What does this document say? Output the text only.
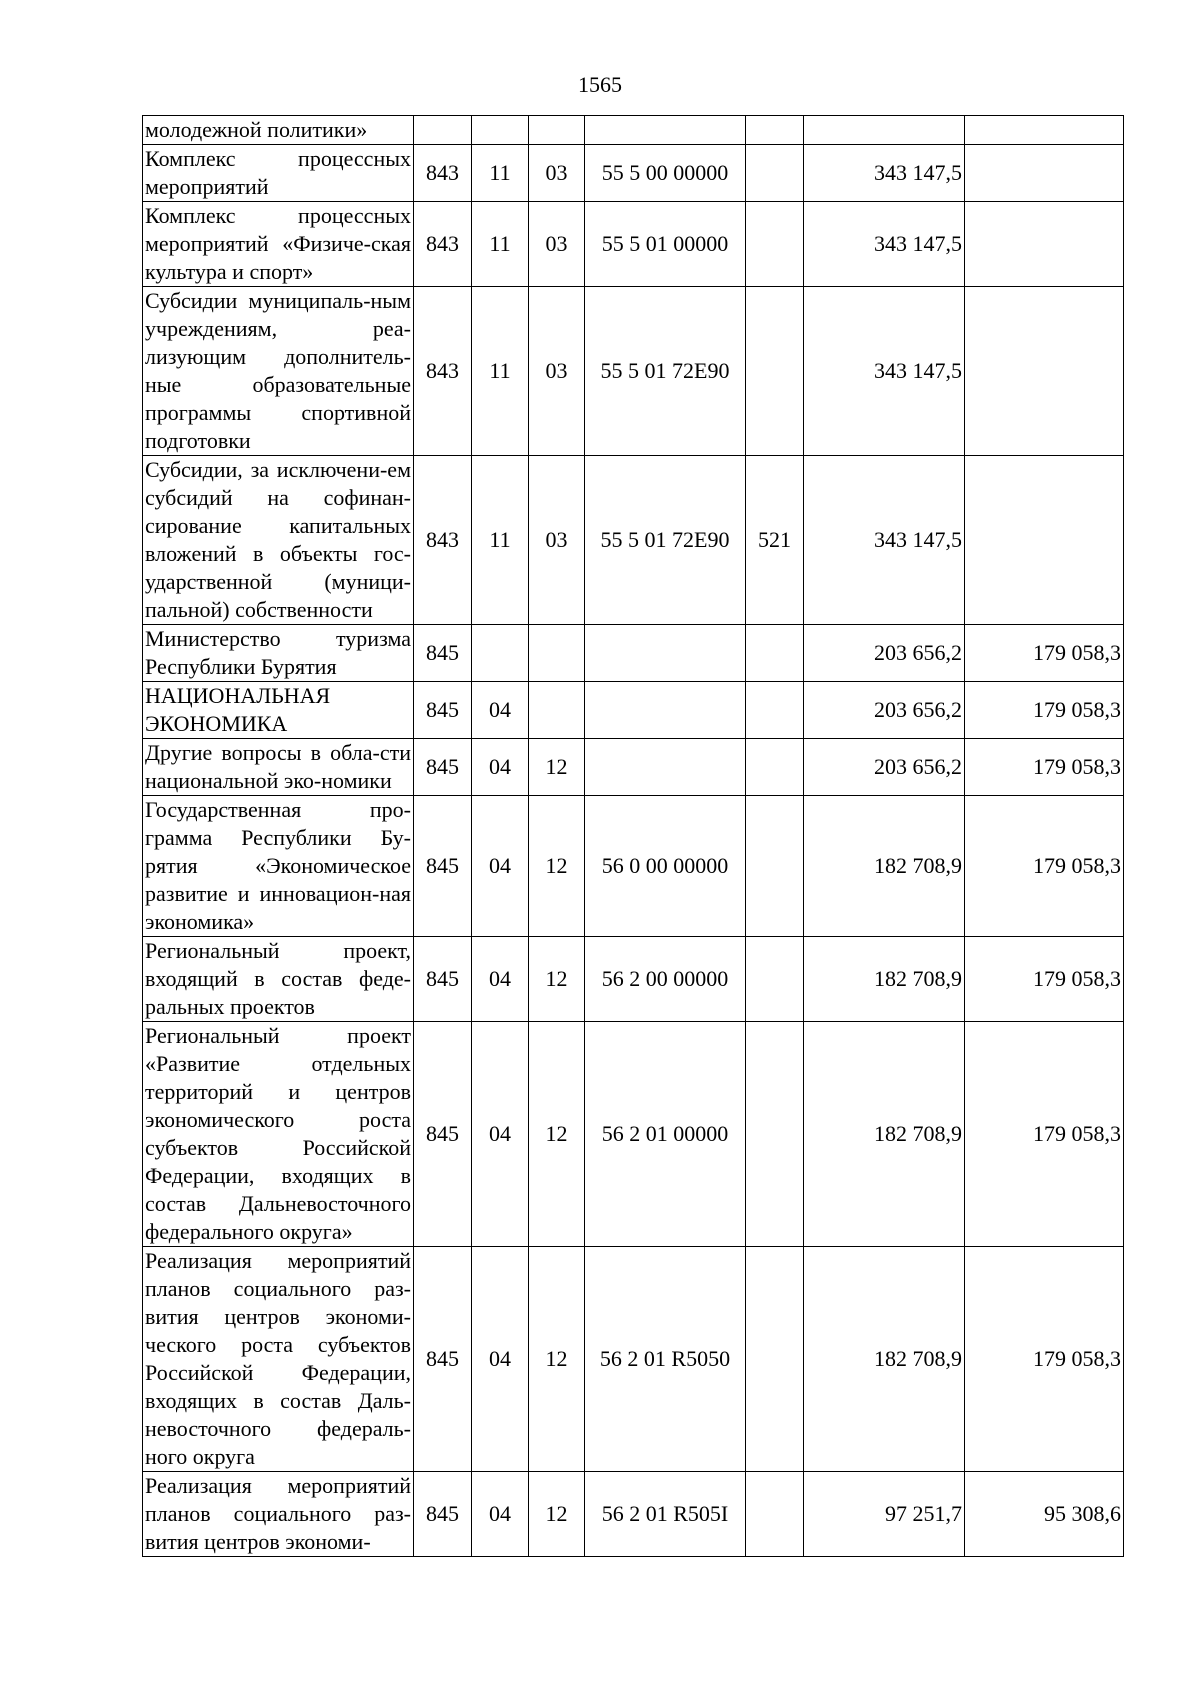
1565
молодежной политики»							
Комплекс процессных мероприятий	843	11	03	55 5 00 00000		343 147,5	
Комплекс процессных мероприятий «Физиче-ская культура и спорт»	843	11	03	55 5 01 00000		343 147,5	
Субсидии муниципаль-ным учреждениям, реа-лизующим дополнитель-ные образовательные программы спортивной подготовки	843	11	03	55 5 01 72Е90		343 147,5	
Субсидии, за исключени-ем субсидий на софинан-сирование капитальных вложений в объекты гос-ударственной (муници-пальной) собственности	843	11	03	55 5 01 72Е90	521	343 147,5	
Министерство туризма Республики Бурятия	845					203 656,2	179 058,3
НАЦИОНАЛЬНАЯ ЭКОНОМИКА	845	04				203 656,2	179 058,3
Другие вопросы в обла-сти национальной эко-номики	845	04	12			203 656,2	179 058,3
Государственная про-грамма Республики Бу-рятия «Экономическое развитие и инновацион-ная экономика»	845	04	12	56 0 00 00000		182 708,9	179 058,3
Региональный проект, входящий в состав феде-ральных проектов	845	04	12	56 2 00 00000		182 708,9	179 058,3
Региональный проект «Развитие отдельных территорий и центров экономического роста субъектов Российской Федерации, входящих в состав Дальневосточного федерального округа»	845	04	12	56 2 01 00000		182 708,9	179 058,3
Реализация мероприятий планов социального раз-вития центров экономи-ческого роста субъектов Российской Федерации, входящих в состав Даль-невосточного федераль-ного округа	845	04	12	56 2 01 R5050		182 708,9	179 058,3
Реализация мероприятий планов социального раз-вития центров экономи-	845	04	12	56 2 01 R505I		97 251,7	95 308,6
